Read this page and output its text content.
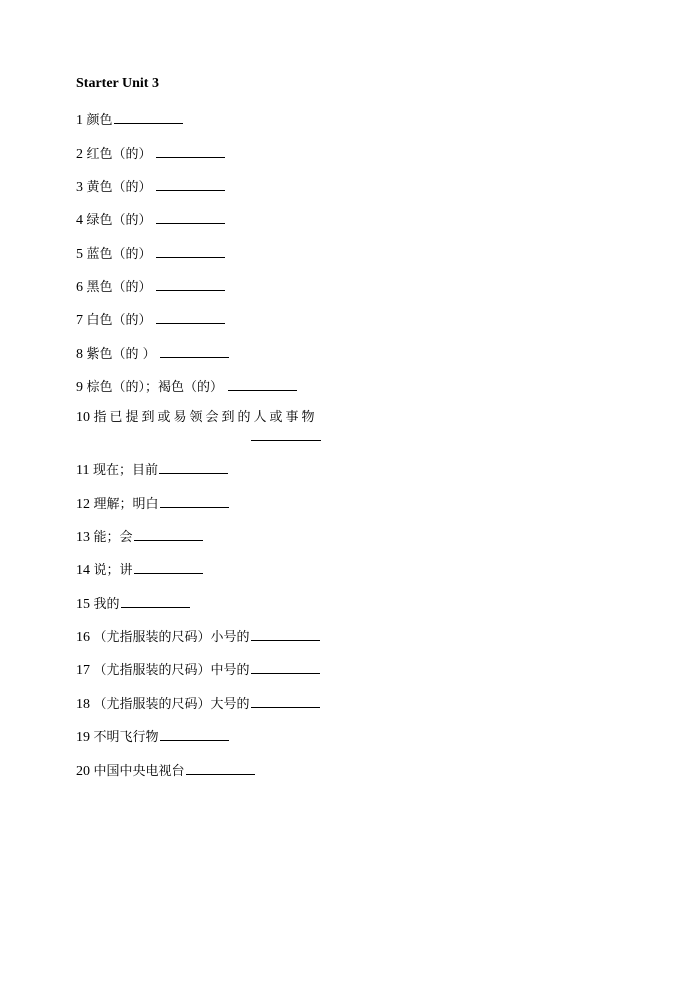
Starter Unit 3
1 颜色
2 红色（的）
3 黄色（的）
4 绿色（的）
5 蓝色（的）
6 黑色（的）
7 白色（的）
8 紫色（的 ）
9 棕色（的）；褐色（的）
10 指已提到或易领会到的人或事物
11 现在；目前
12 理解；明白
13 能；会
14 说；讲
15 我的
16 （尤指服装的尺码）小号的
17 （尤指服装的尺码）中号的
18 （尤指服装的尺码）大号的
19 不明飞行物
20 中国中央电视台
